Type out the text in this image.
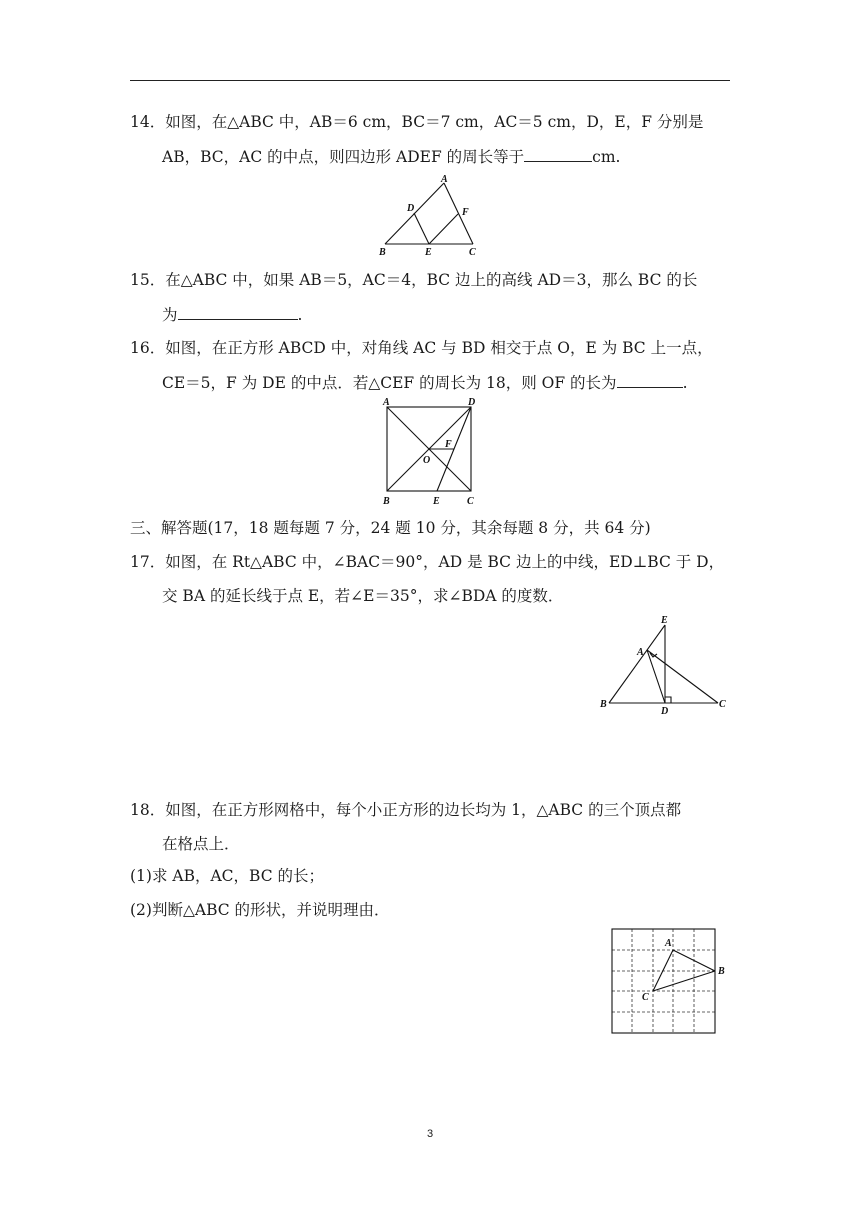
14．如图，在△ABC 中，AB＝6 cm，BC＝7 cm，AC＝5 cm，D，E，F 分别是
AB，BC，AC 的中点，则四边形 ADEF 的周长等于	cm.
A
B	C
D
E
F
15．在△ABC 中，如果 AB＝5，AC＝4，BC 边上的高线 AD＝3，那么 BC 的长
为	.
16．如图，在正方形 ABCD 中，对角线 AC 与 BD 相交于点 O，E 为 BC 上一点，
CE＝5，F 为 DE 的中点．若△CEF 的周长为 18，则 OF 的长为	.
A	D
B	E	C
F
O
三、解答题(17，18 题每题 7 分，24 题 10 分，其余每题 8 分，共 64 分)
17．如图，在 Rt△ABC 中，∠BAC＝90°，AD 是 BC 边上的中线，ED⊥BC 于 D，
交 BA 的延长线于点 E，若∠E＝35°，求∠BDA 的度数．
E
A
B
D
C
18．如图，在正方形网格中，每个小正方形的边长均为 1，△ABC 的三个顶点都
在格点上．
(1)求 AB，AC，BC 的长；
(2)判断△ABC 的形状，并说明理由．
A
B
C
3
